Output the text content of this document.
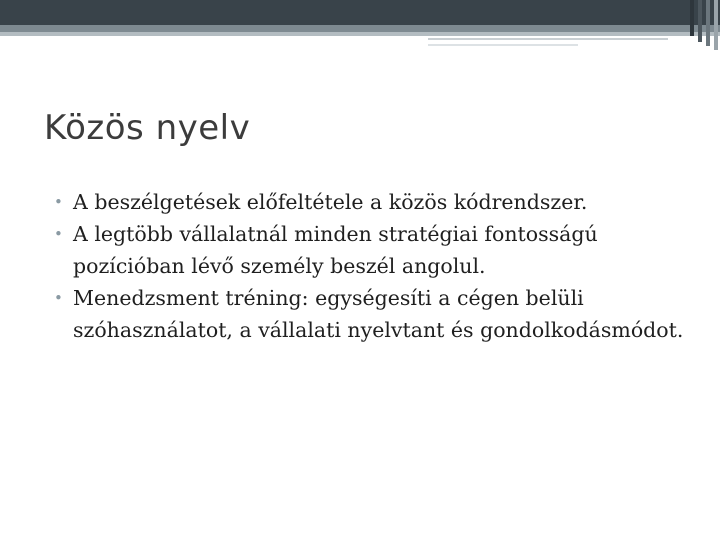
Közös nyelv
• A beszélgetések előfeltétele a közös kódrendszer.
• A legtöbb vállalatnál minden stratégiai fontosságú pozícióban lévő személy beszél angolul.
• Menedzsment tréning: egységesíti a cégen belüli szóhasználatot, a vállalati nyelvtant és gondolkodásmódot.
